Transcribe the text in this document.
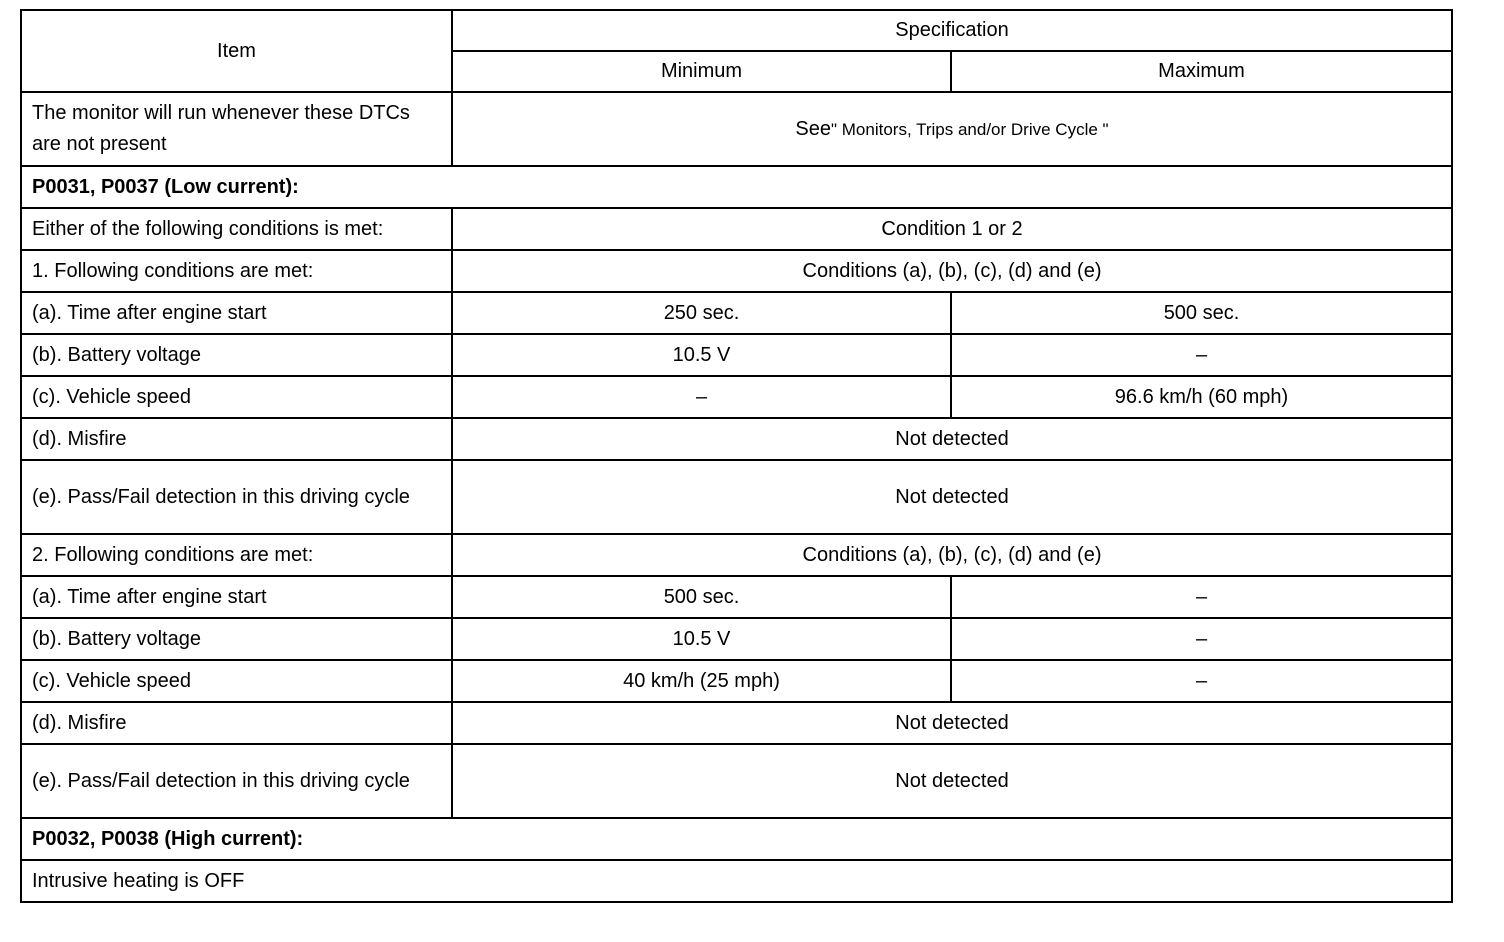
Item	Specification	
	Minimum	Maximum
The monitor will run whenever these DTCs are not present	See" Monitors, Trips and/or Drive Cycle "	
P0031, P0037 (Low current):		
Either of the following conditions is met:	Condition 1 or 2	
1. Following conditions are met:	Conditions (a), (b), (c), (d) and (e)	
(a). Time after engine start	250 sec.	500 sec.
(b). Battery voltage	10.5 V	–
(c). Vehicle speed	–	96.6 km/h (60 mph)
(d). Misfire	Not detected	
(e). Pass/Fail detection in this driving cycle	Not detected	
2. Following conditions are met:	Conditions (a), (b), (c), (d) and (e)	
(a). Time after engine start	500 sec.	–
(b). Battery voltage	10.5 V	–
(c). Vehicle speed	40 km/h (25 mph)	–
(d). Misfire	Not detected	
(e). Pass/Fail detection in this driving cycle	Not detected	
P0032, P0038 (High current):		
Intrusive heating is OFF		
